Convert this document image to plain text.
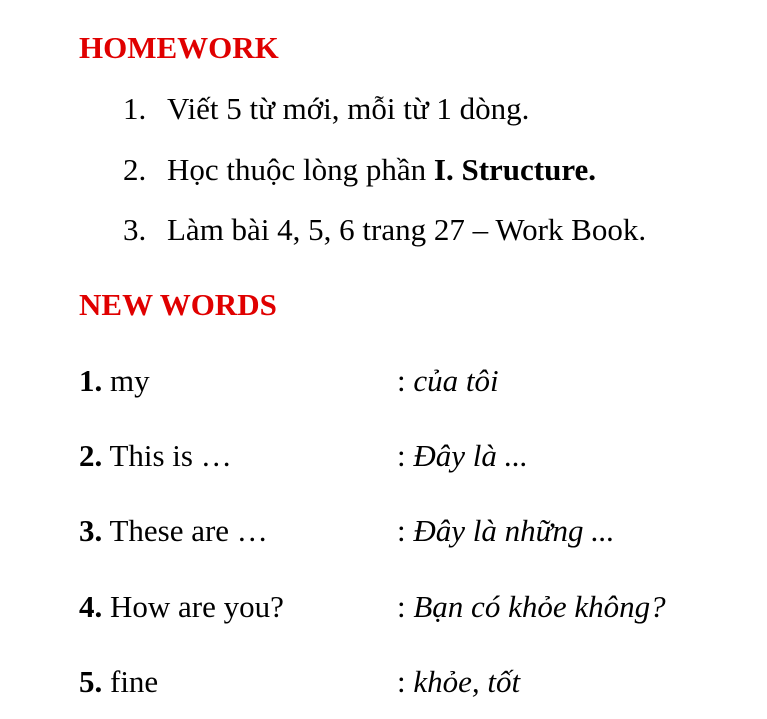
HOMEWORK
1. Viết 5 từ mới, mỗi từ 1 dòng.
2. Học thuộc lòng phần I. Structure.
3. Làm bài 4, 5, 6 trang 27 – Work Book.
NEW WORDS
1. my	: của tôi
2. This is …	: Đây là ...
3. These are …	: Đây là những ...
4. How are you?	: Bạn có khỏe không?
5. fine	: khỏe, tốt
